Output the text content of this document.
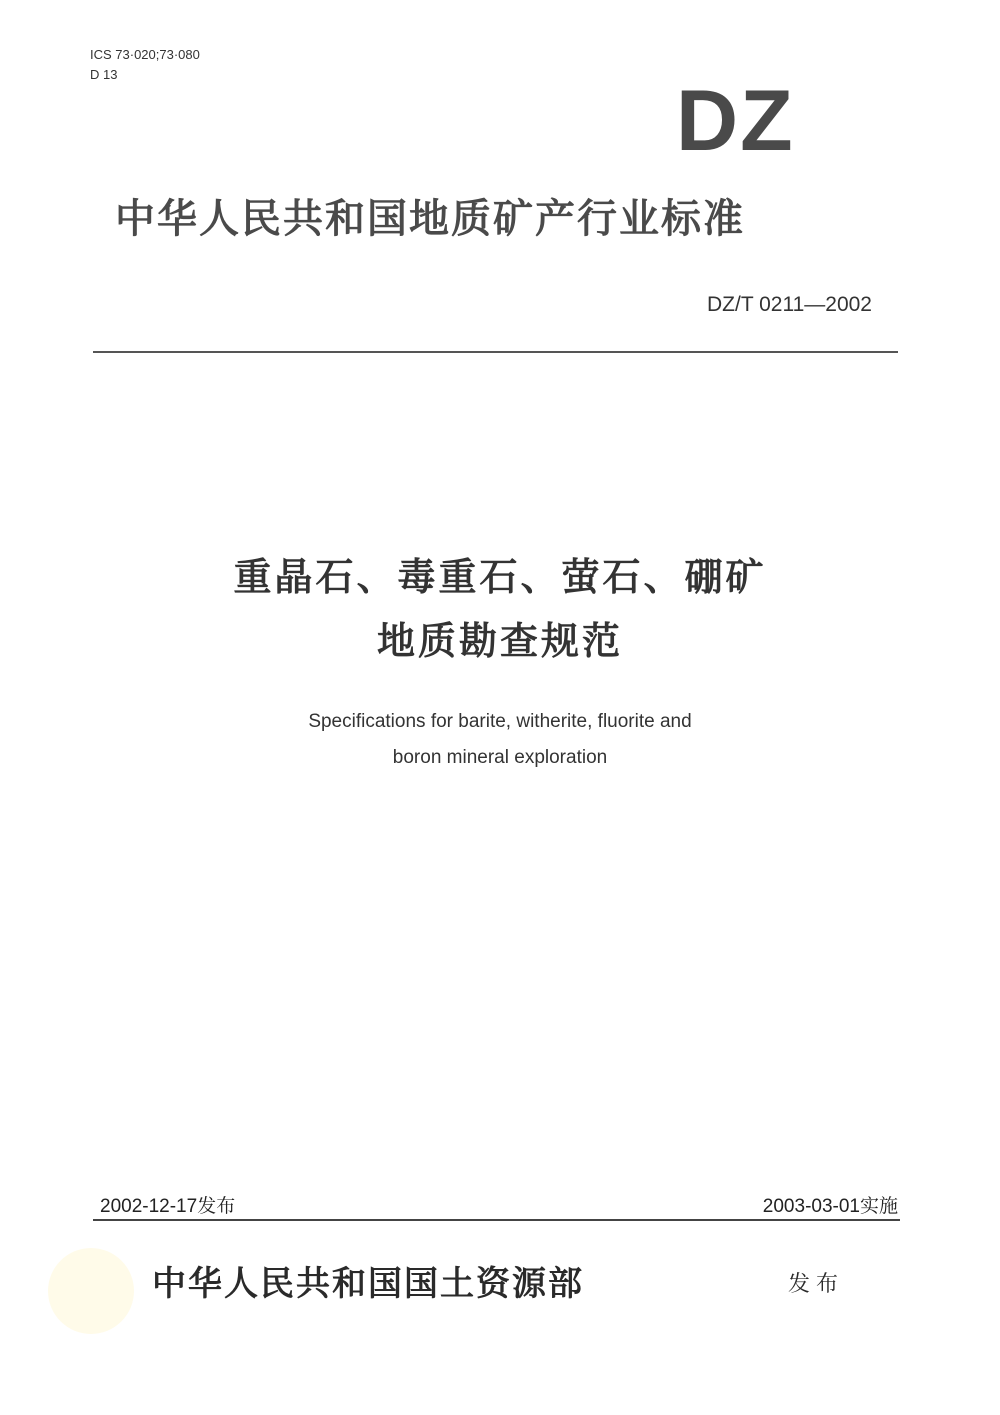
ICS 73·020;73·080
D 13	DZ
中华人民共和国地质矿产行业标准
DZ/T 0211—2002
重晶石、毒重石、萤石、硼矿
地质勘查规范
Specifications for barite, witherite, fluorite and
boron mineral exploration
2002-12-17发布	2003-03-01实施
中华人民共和国国土资源部	发布
